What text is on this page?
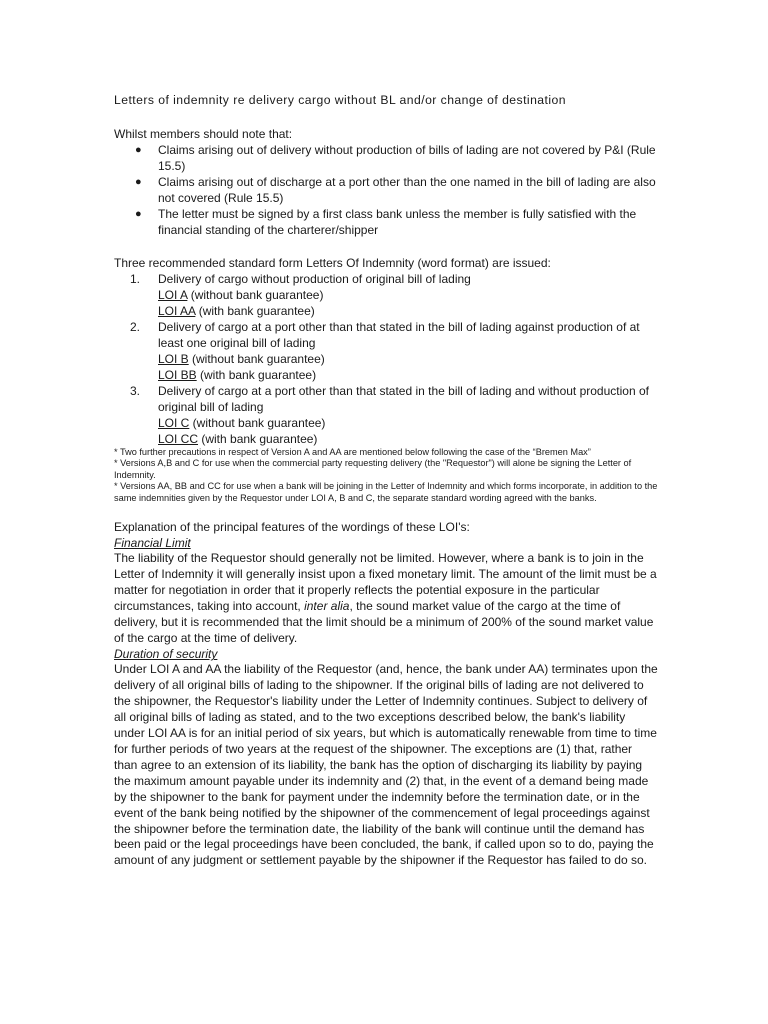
Letters of indemnity re delivery cargo without BL and/or change of destination

Whilst members should note that:

● Claims arising out of delivery without production of bills of lading are not covered by P&I (Rule 15.5)
● Claims arising out of discharge at a port other than the one named in the bill of lading are also not covered (Rule 15.5)
● The letter must be signed by a first class bank unless the member is fully satisfied with the financial standing of the charterer/shipper

Three recommended standard form Letters Of Indemnity (word format) are issued:

1. Delivery of cargo without production of original bill of lading
LOI A (without bank guarantee)
LOI AA (with bank guarantee)
2. Delivery of cargo at a port other than that stated in the bill of lading against production of at least one original bill of lading
LOI B (without bank guarantee)
LOI BB (with bank guarantee)
3. Delivery of cargo at a port other than that stated in the bill of lading and without production of original bill of lading
LOI C (without bank guarantee)
LOI CC (with bank guarantee)

* Two further precautions in respect of Version A and AA are mentioned below following the case of the “Bremen Max”

* Versions A,B and C for use when the commercial party requesting delivery (the "Requestor") will alone be signing the Letter of Indemnity.

* Versions AA, BB and CC for use when a bank will be joining in the Letter of Indemnity and which forms incorporate, in addition to the same indemnities given by the Requestor under LOI A, B and C, the separate standard wording agreed with the banks.

Explanation of the principal features of the wordings of these LOI's:

Financial Limit

The liability of the Requestor should generally not be limited. However, where a bank is to join in the Letter of Indemnity it will generally insist upon a fixed monetary limit. The amount of the limit must be a matter for negotiation in order that it properly reflects the potential exposure in the particular circumstances, taking into account, inter alia, the sound market value of the cargo at the time of delivery, but it is recommended that the limit should be a minimum of 200% of the sound market value of the cargo at the time of delivery.

Duration of security

Under LOI A and AA the liability of the Requestor (and, hence, the bank under AA) terminates upon the delivery of all original bills of lading to the shipowner. If the original bills of lading are not delivered to the shipowner, the Requestor's liability under the Letter of Indemnity continues. Subject to delivery of all original bills of lading as stated, and to the two exceptions described below, the bank's liability under LOI AA is for an initial period of six years, but which is automatically renewable from time to time for further periods of two years at the request of the shipowner. The exceptions are (1) that, rather than agree to an extension of its liability, the bank has the option of discharging its liability by paying the maximum amount payable under its indemnity and (2) that, in the event of a demand being made by the shipowner to the bank for payment under the indemnity before the termination date, or in the event of the bank being notified by the shipowner of the commencement of legal proceedings against the shipowner before the termination date, the liability of the bank will continue until the demand has been paid or the legal proceedings have been concluded, the bank, if called upon so to do, paying the amount of any judgment or settlement payable by the shipowner if the Requestor has failed to do so.
